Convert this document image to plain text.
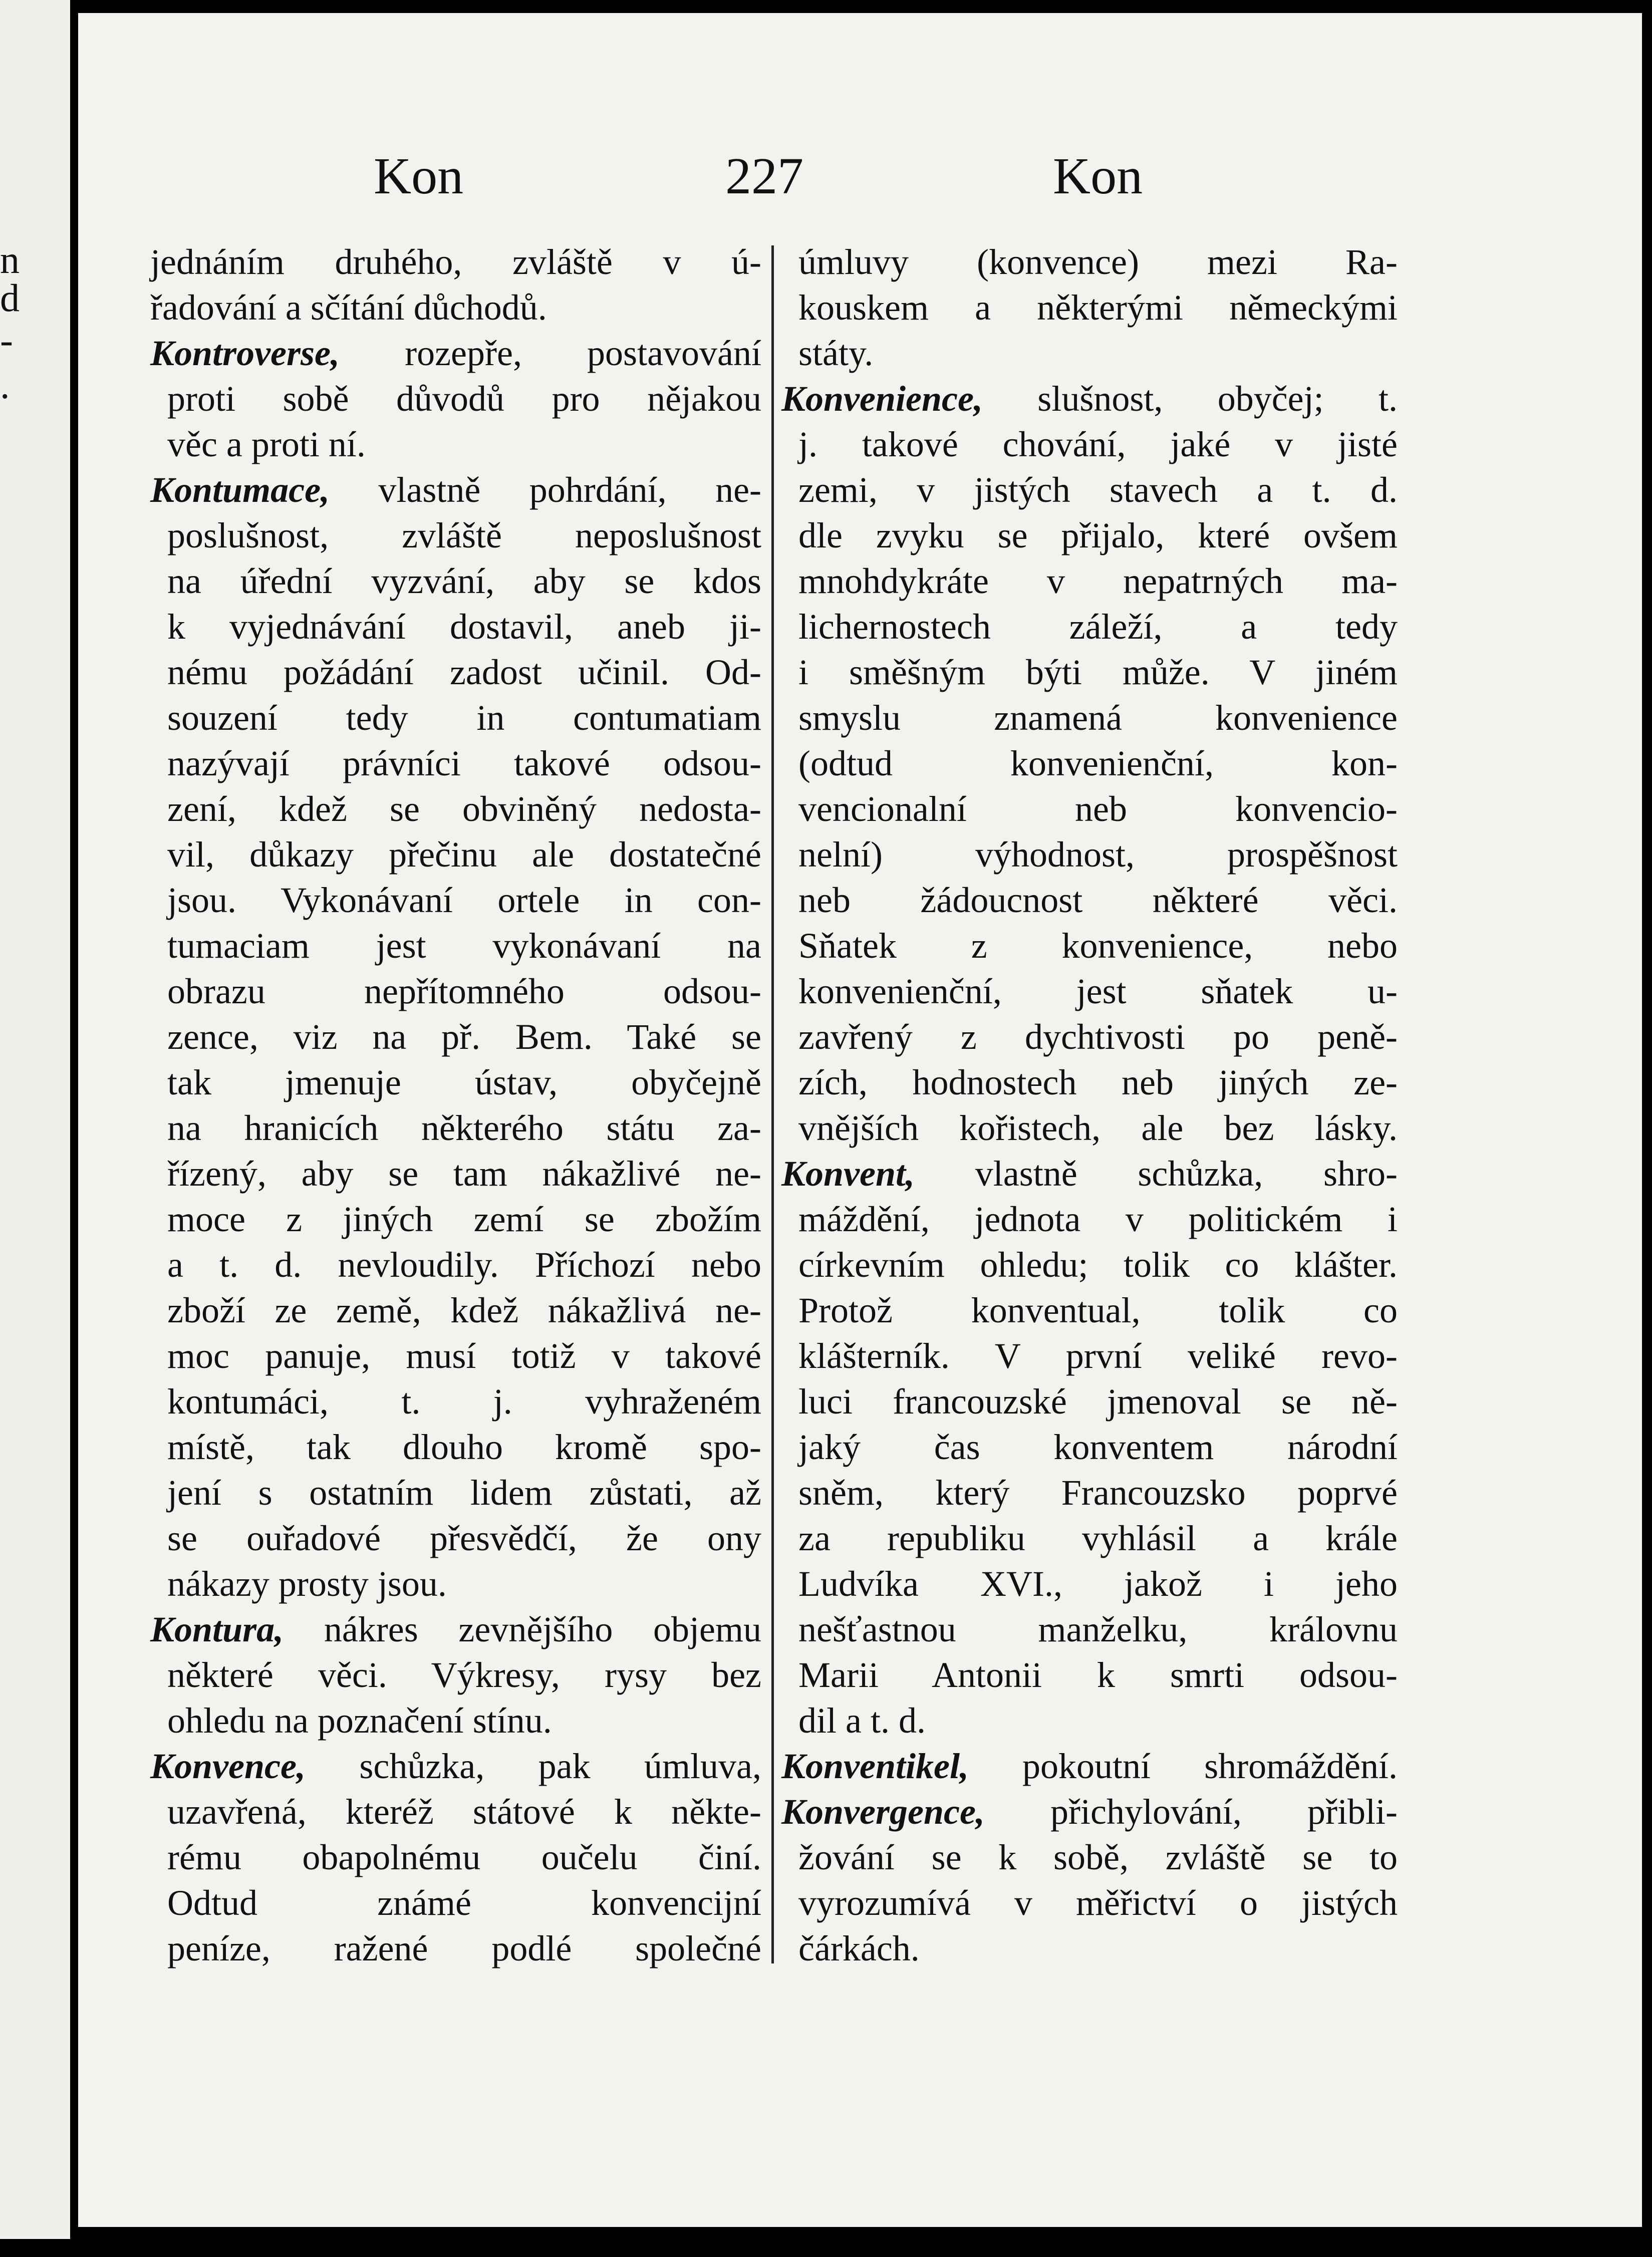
n
d
-
.
Kon	227	Kon
jednáním druhého, zvláště v ú-
řadování a sčítání důchodů.
Kontroverse, rozepře, postavování
proti sobě důvodů pro nějakou
věc a proti ní.
Kontumace, vlastně pohrdání, ne-
poslušnost, zvláště neposlušnost
na úřední vyzvání, aby se kdos
k vyjednávání dostavil, aneb ji-
nému požádání zadost učinil. Od-
souzení tedy in contumatiam
nazývají právníci takové odsou-
zení, kdež se obviněný nedosta-
vil, důkazy přečinu ale dostatečné
jsou. Vykonávaní ortele in con-
tumaciam jest vykonávaní na
obrazu nepřítomného odsou-
zence, viz na př. Bem. Také se
tak jmenuje ústav, obyčejně
na hranicích některého státu za-
řízený, aby se tam nákažlivé ne-
moce z jiných zemí se zbožím
a t. d. nevloudily. Příchozí nebo
zboží ze země, kdež nákažlivá ne-
moc panuje, musí totiž v takové
kontumáci, t. j. vyhraženém
místě, tak dlouho kromě spo-
jení s ostatním lidem zůstati, až
se ouřadové přesvědčí, že ony
nákazy prosty jsou.
Kontura, nákres zevnějšího objemu
některé věci. Výkresy, rysy bez
ohledu na poznačení stínu.
Konvence, schůzka, pak úmluva,
uzavřená, kteréž státové k někte-
rému obapolnému oučelu činí.
Odtud známé konvencijní
peníze, ražené podlé společné
úmluvy (konvence) mezi Ra-
kouskem a některými německými
státy.
Konvenience, slušnost, obyčej; t.
j. takové chování, jaké v jisté
zemi, v jistých stavech a t. d.
dle zvyku se přijalo, které ovšem
mnohdykráte v nepatrných ma-
lichernostech záleží, a tedy
i směšným býti může. V jiném
smyslu znamená konvenience
(odtud konvenienční, kon-
vencionalní neb konvencio-
nelní) výhodnost, prospěšnost
neb žádoucnost některé věci.
Sňatek z konvenience, nebo
konvenienční, jest sňatek u-
zavřený z dychtivosti po peně-
zích, hodnostech neb jiných ze-
vnějších kořistech, ale bez lásky.
Konvent, vlastně schůzka, shro-
máždění, jednota v politickém i
církevním ohledu; tolik co klášter.
Protož konventual, tolik co
klášterník. V první veliké revo-
luci francouzské jmenoval se ně-
jaký čas konventem národní
sněm, který Francouzsko poprvé
za republiku vyhlásil a krále
Ludvíka XVI., jakož i jeho
nešťastnou manželku, královnu
Marii Antonii k smrti odsou-
dil a t. d.
Konventikel, pokoutní shromáždění.
Konvergence, přichylování, přibli-
žování se k sobě, zvláště se to
vyrozumívá v měřictví o jistých
čárkách.
